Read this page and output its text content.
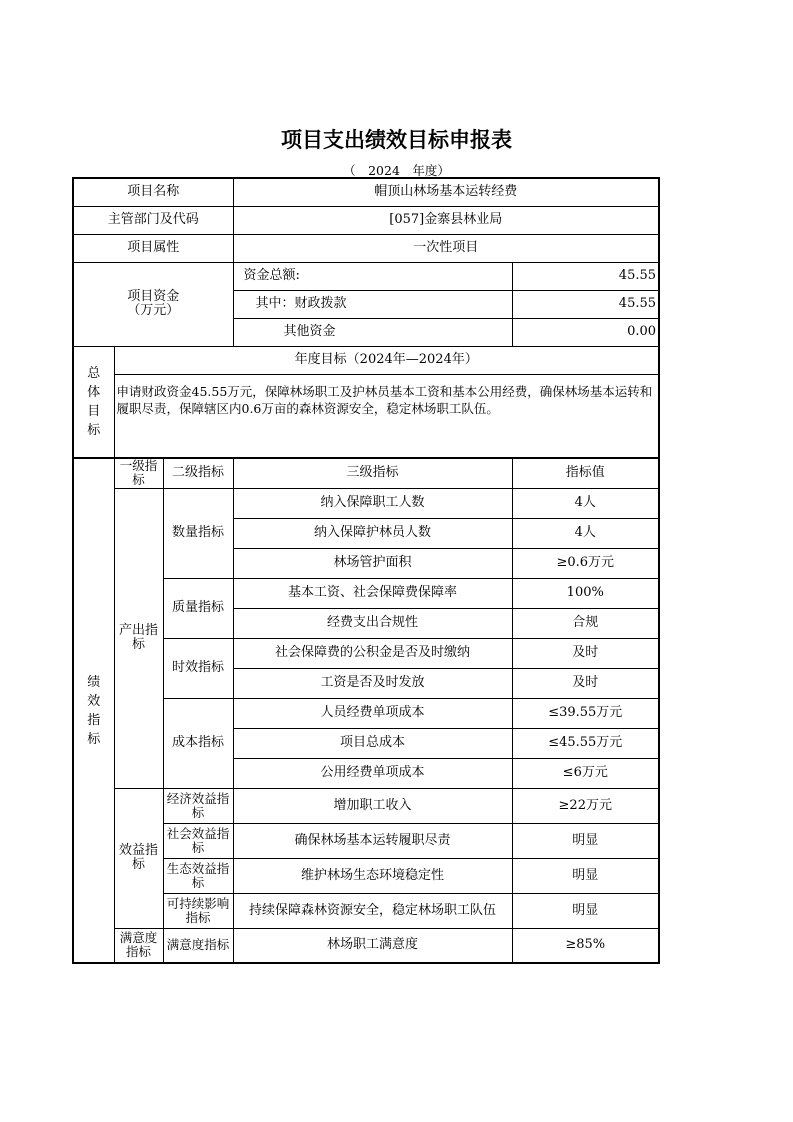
项目支出绩效目标申报表
（　2024　年度）
项目名称			帽顶山林场基本运转经费	
主管部门及代码			[057]金寨县林业局	
项目属性			一次性项目	

项目资金
（万元）			资金总额:	45.55
			其中：财政拨款	45.55
			其他资金	0.00

总
体
目
标	年度目标（2024年—2024年）			
	申请财政资金45.55万元，保障林场职工及护林员基本工资和基本公用经费，确保林场基本运转和履职尽责，保障辖区内0.6万亩的森林资源安全，稳定林场职工队伍。			

绩
效
指
标	一级指标	二级指标	三级指标	指标值
	产出指标	数量指标	纳入保障职工人数	4人
			纳入保障护林员人数	4人
			林场管护面积	≥0.6万元
		质量指标	基本工资、社会保障费保障率	100%
			经费支出合规性	合规
		时效指标	社会保障费的公积金是否及时缴纳	及时
			工资是否及时发放	及时
		成本指标	人员经费单项成本	≤39.55万元
			项目总成本	≤45.55万元
			公用经费单项成本	≤6万元
	效益指标	经济效益指标	增加职工收入	≥22万元
		社会效益指标	确保林场基本运转履职尽责	明显
		生态效益指标	维护林场生态环境稳定性	明显
		可持续影响指标	持续保障森林资源安全，稳定林场职工队伍	明显
	满意度指标	满意度指标	林场职工满意度	≥85%
